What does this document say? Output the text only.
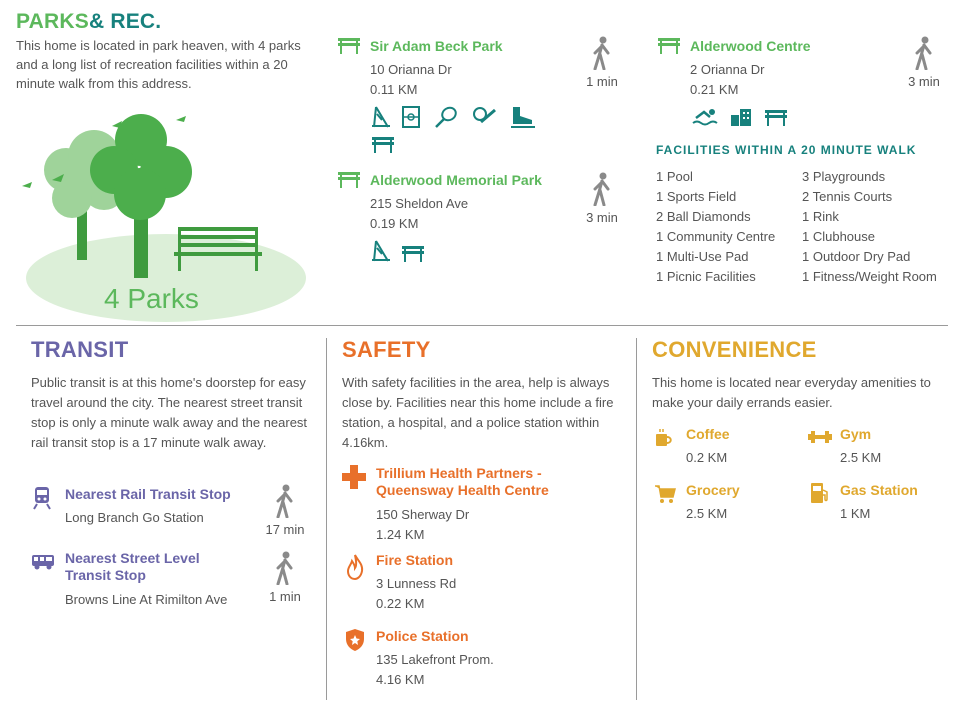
PARKS& REC.
This home is located in park heaven, with 4 parks and a long list of recreation facilities within a 20 minute walk from this address.
4 Parks
Sir Adam Beck Park
10 Orianna Dr
0.11 KM

1 min
Alderwood Memorial Park
215 Sheldon Ave
0.19 KM
	3 min
Alderwood Centre
2 Orianna Dr
0.21 KM

3 min
FACILITIES WITHIN A 20 MINUTE WALK
1 Pool
1 Sports Field
2 Ball Diamonds
1 Community Centre
1 Multi-Use Pad
1 Picnic Facilities
3 Playgrounds
2 Tennis Courts
1 Rink
1 Clubhouse
1 Outdoor Dry Pad
1 Fitness/Weight Room
TRANSIT
Public transit is at this home's doorstep for easy travel around the city. The nearest street transit stop is only a minute walk away and the nearest rail transit stop is a 17 minute walk away.
Nearest Rail Transit Stop
Long Branch Go Station
17 min
Nearest Street Level Transit Stop
Browns Line At Rimilton Ave	1 min
SAFETY
With safety facilities in the area, help is always close by. Facilities near this home include a fire station, a hospital, and a police station within 4.16km.
Trillium Health Partners - Queensway Health Centre
150 Sherway Dr
1.24 KM
Fire Station
3 Lunness Rd
0.22 KM
Police Station
135 Lakefront Prom.
4.16 KM
CONVENIENCE
This home is located near everyday amenities to make your daily errands easier.
Coffee
0.2 KM
Gym
2.5 KM
Grocery
2.5 KM
Gas Station
1 KM
